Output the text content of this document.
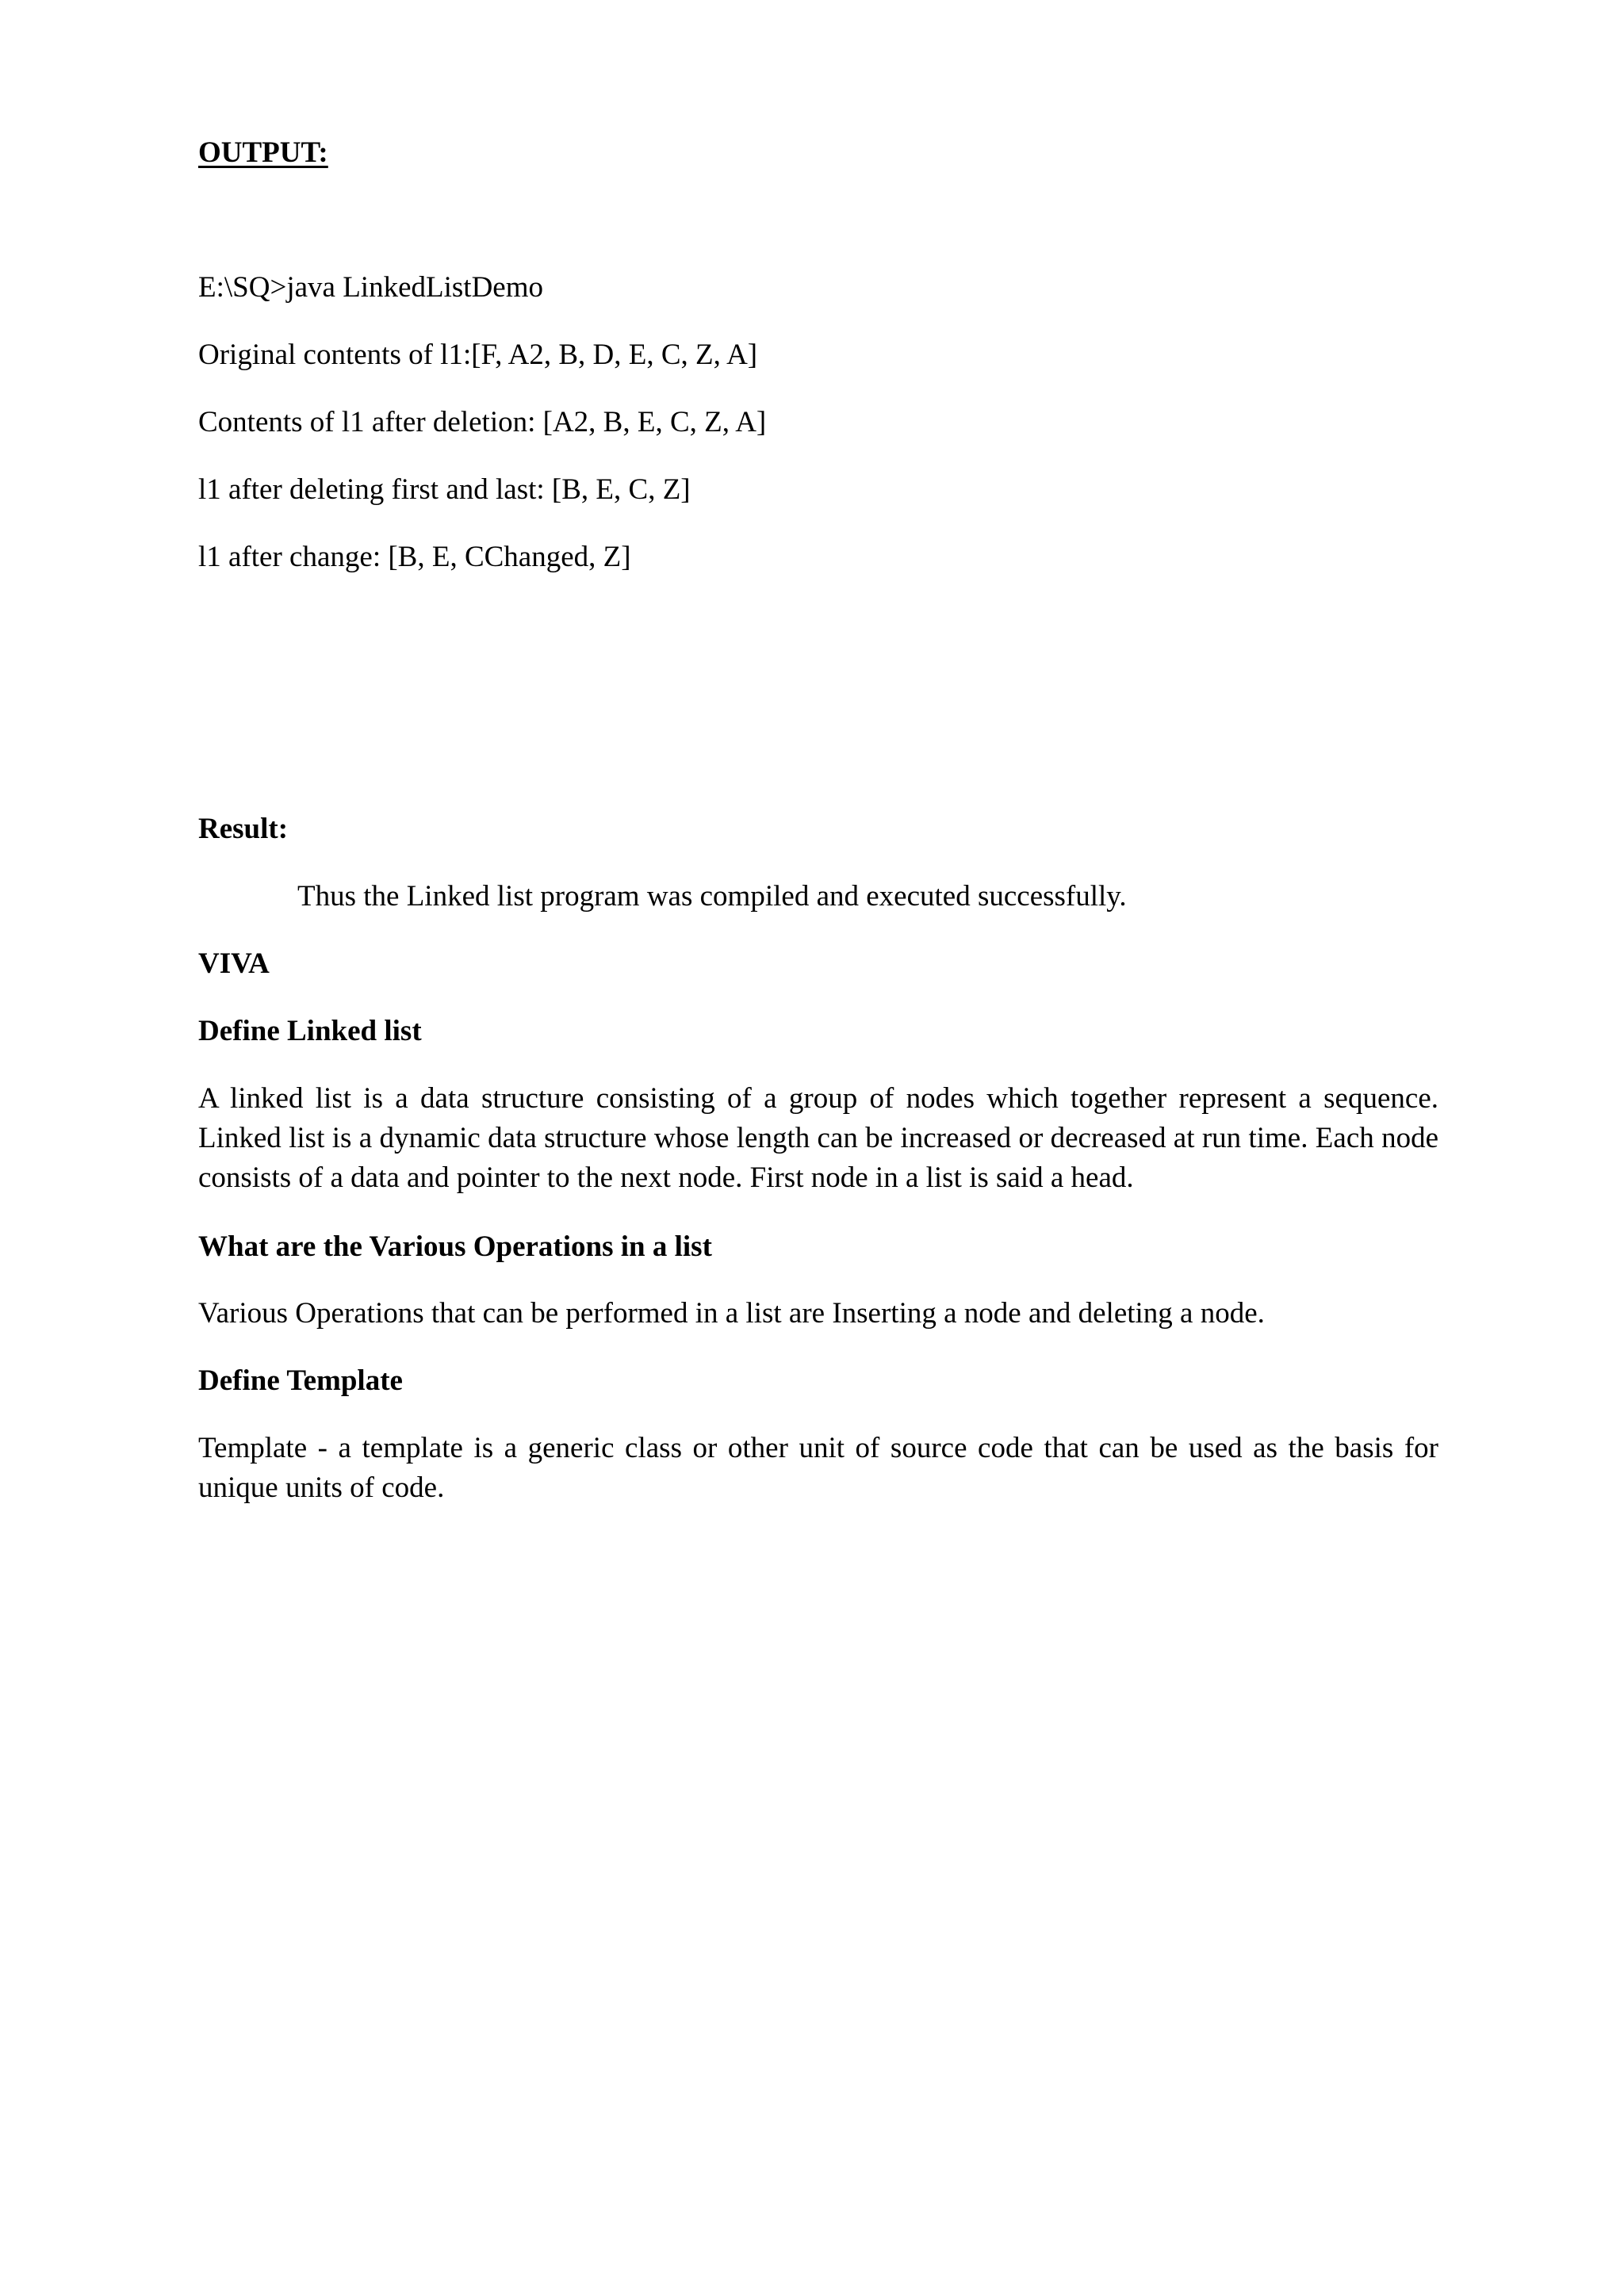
OUTPUT:
E:\SQ>java LinkedListDemo
Original contents of l1:[F, A2, B, D, E, C, Z, A]
Contents of l1 after deletion: [A2, B, E, C, Z, A]
l1 after deleting first and last: [B, E, C, Z]
l1 after change: [B, E, CChanged, Z]
Result:
Thus the Linked list program was compiled and executed successfully.
VIVA
Define Linked list
A linked list is a data structure consisting of a group of nodes which together represent a sequence. Linked list is a dynamic data structure whose length can be increased or decreased at run time. Each node consists of a data and pointer to the next node. First node in a list is said a head.
What are the Various Operations in a list
Various Operations that can be performed in a list are Inserting a node and deleting a node.
Define Template
Template - a template is a generic class or other unit of source code that can be used as the basis for unique units of code.
